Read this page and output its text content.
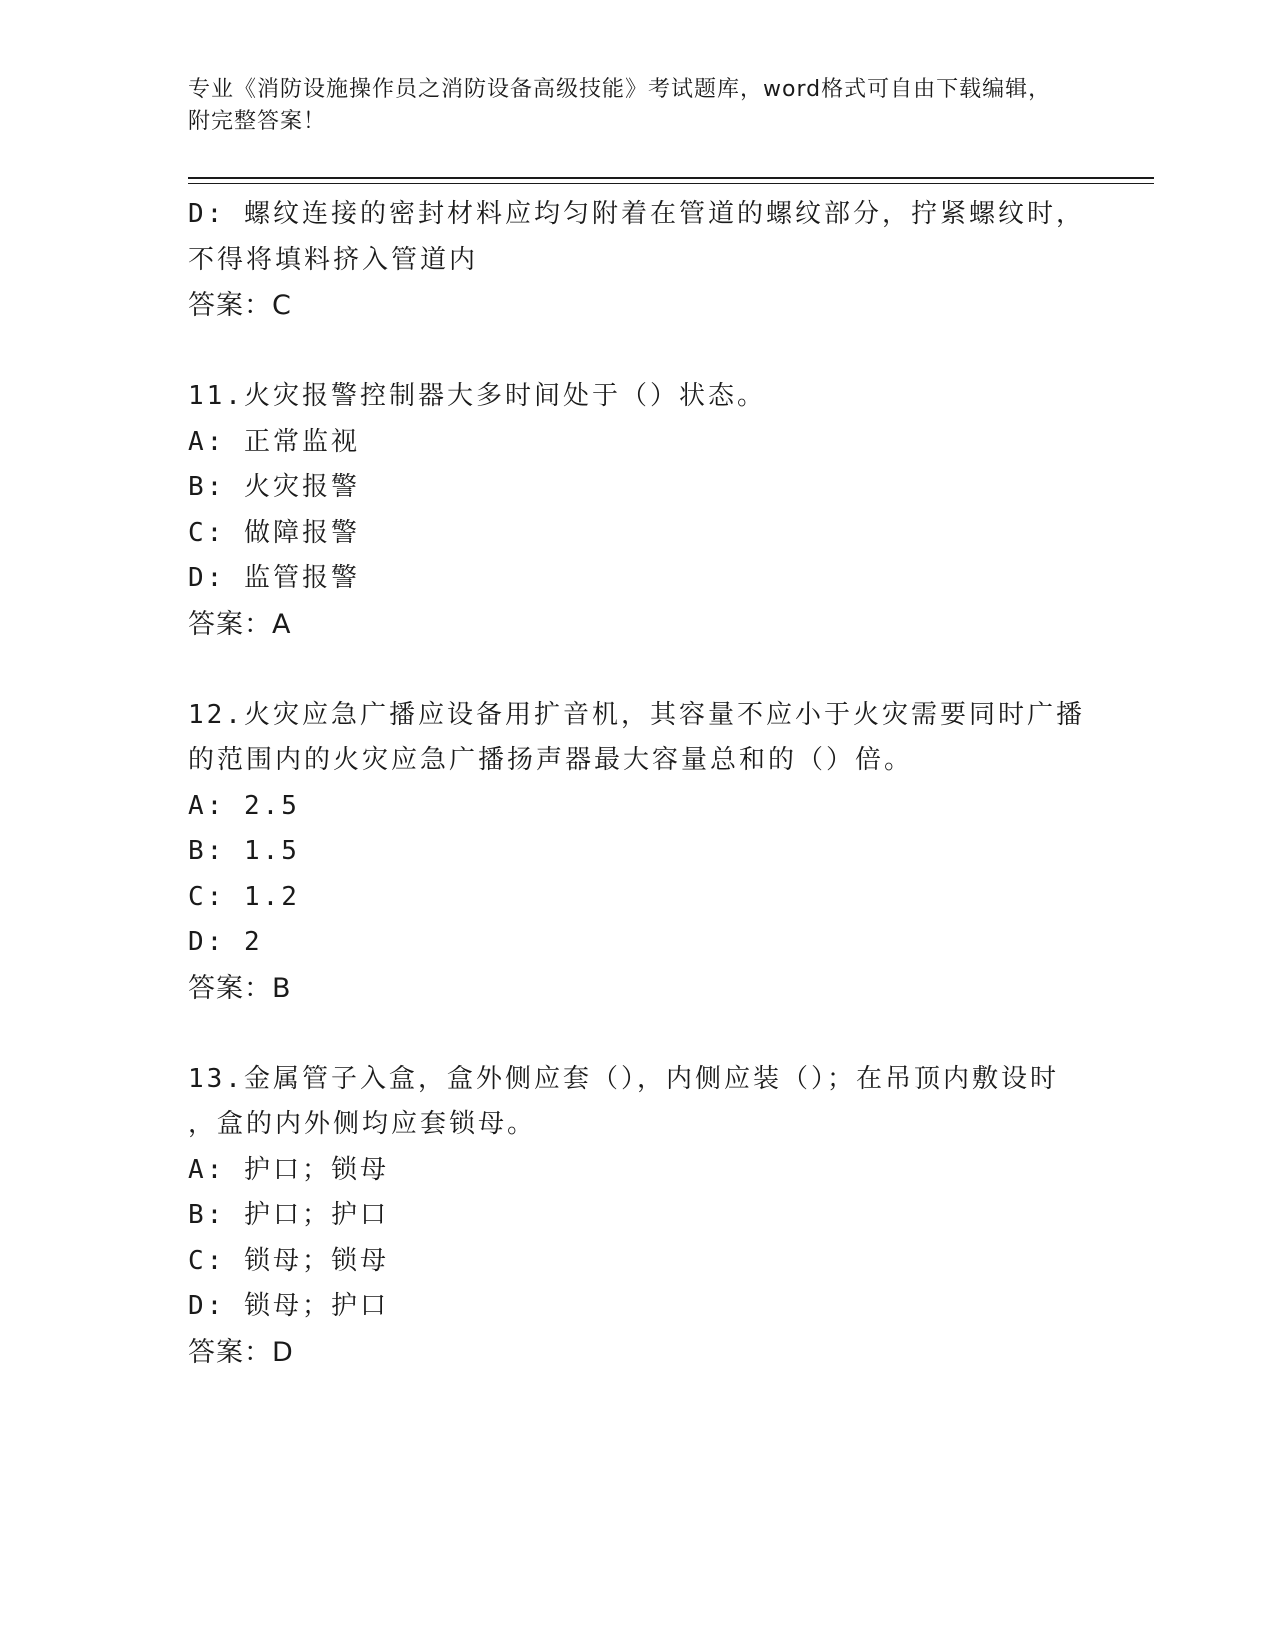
专业《消防设施操作员之消防设备高级技能》考试题库，word格式可自由下载编辑，附完整答案！
D: 螺纹连接的密封材料应均匀附着在管道的螺纹部分，拧紧螺纹时，
不得将填料挤入管道内
答案：C
11.火灾报警控制器大多时间处于（）状态。
A: 正常监视
B: 火灾报警
C: 做障报警
D: 监管报警
答案：A
12.火灾应急广播应设备用扩音机，其容量不应小于火灾需要同时广播
的范围内的火灾应急广播扬声器最大容量总和的（）倍。
A: 2.5
B: 1.5
C: 1.2
D: 2
答案：B
13.金属管子入盒，盒外侧应套（），内侧应装（）；在吊顶内敷设时
，盒的内外侧均应套锁母。
A: 护口；锁母
B: 护口；护口
C: 锁母；锁母
D: 锁母；护口
答案：D
